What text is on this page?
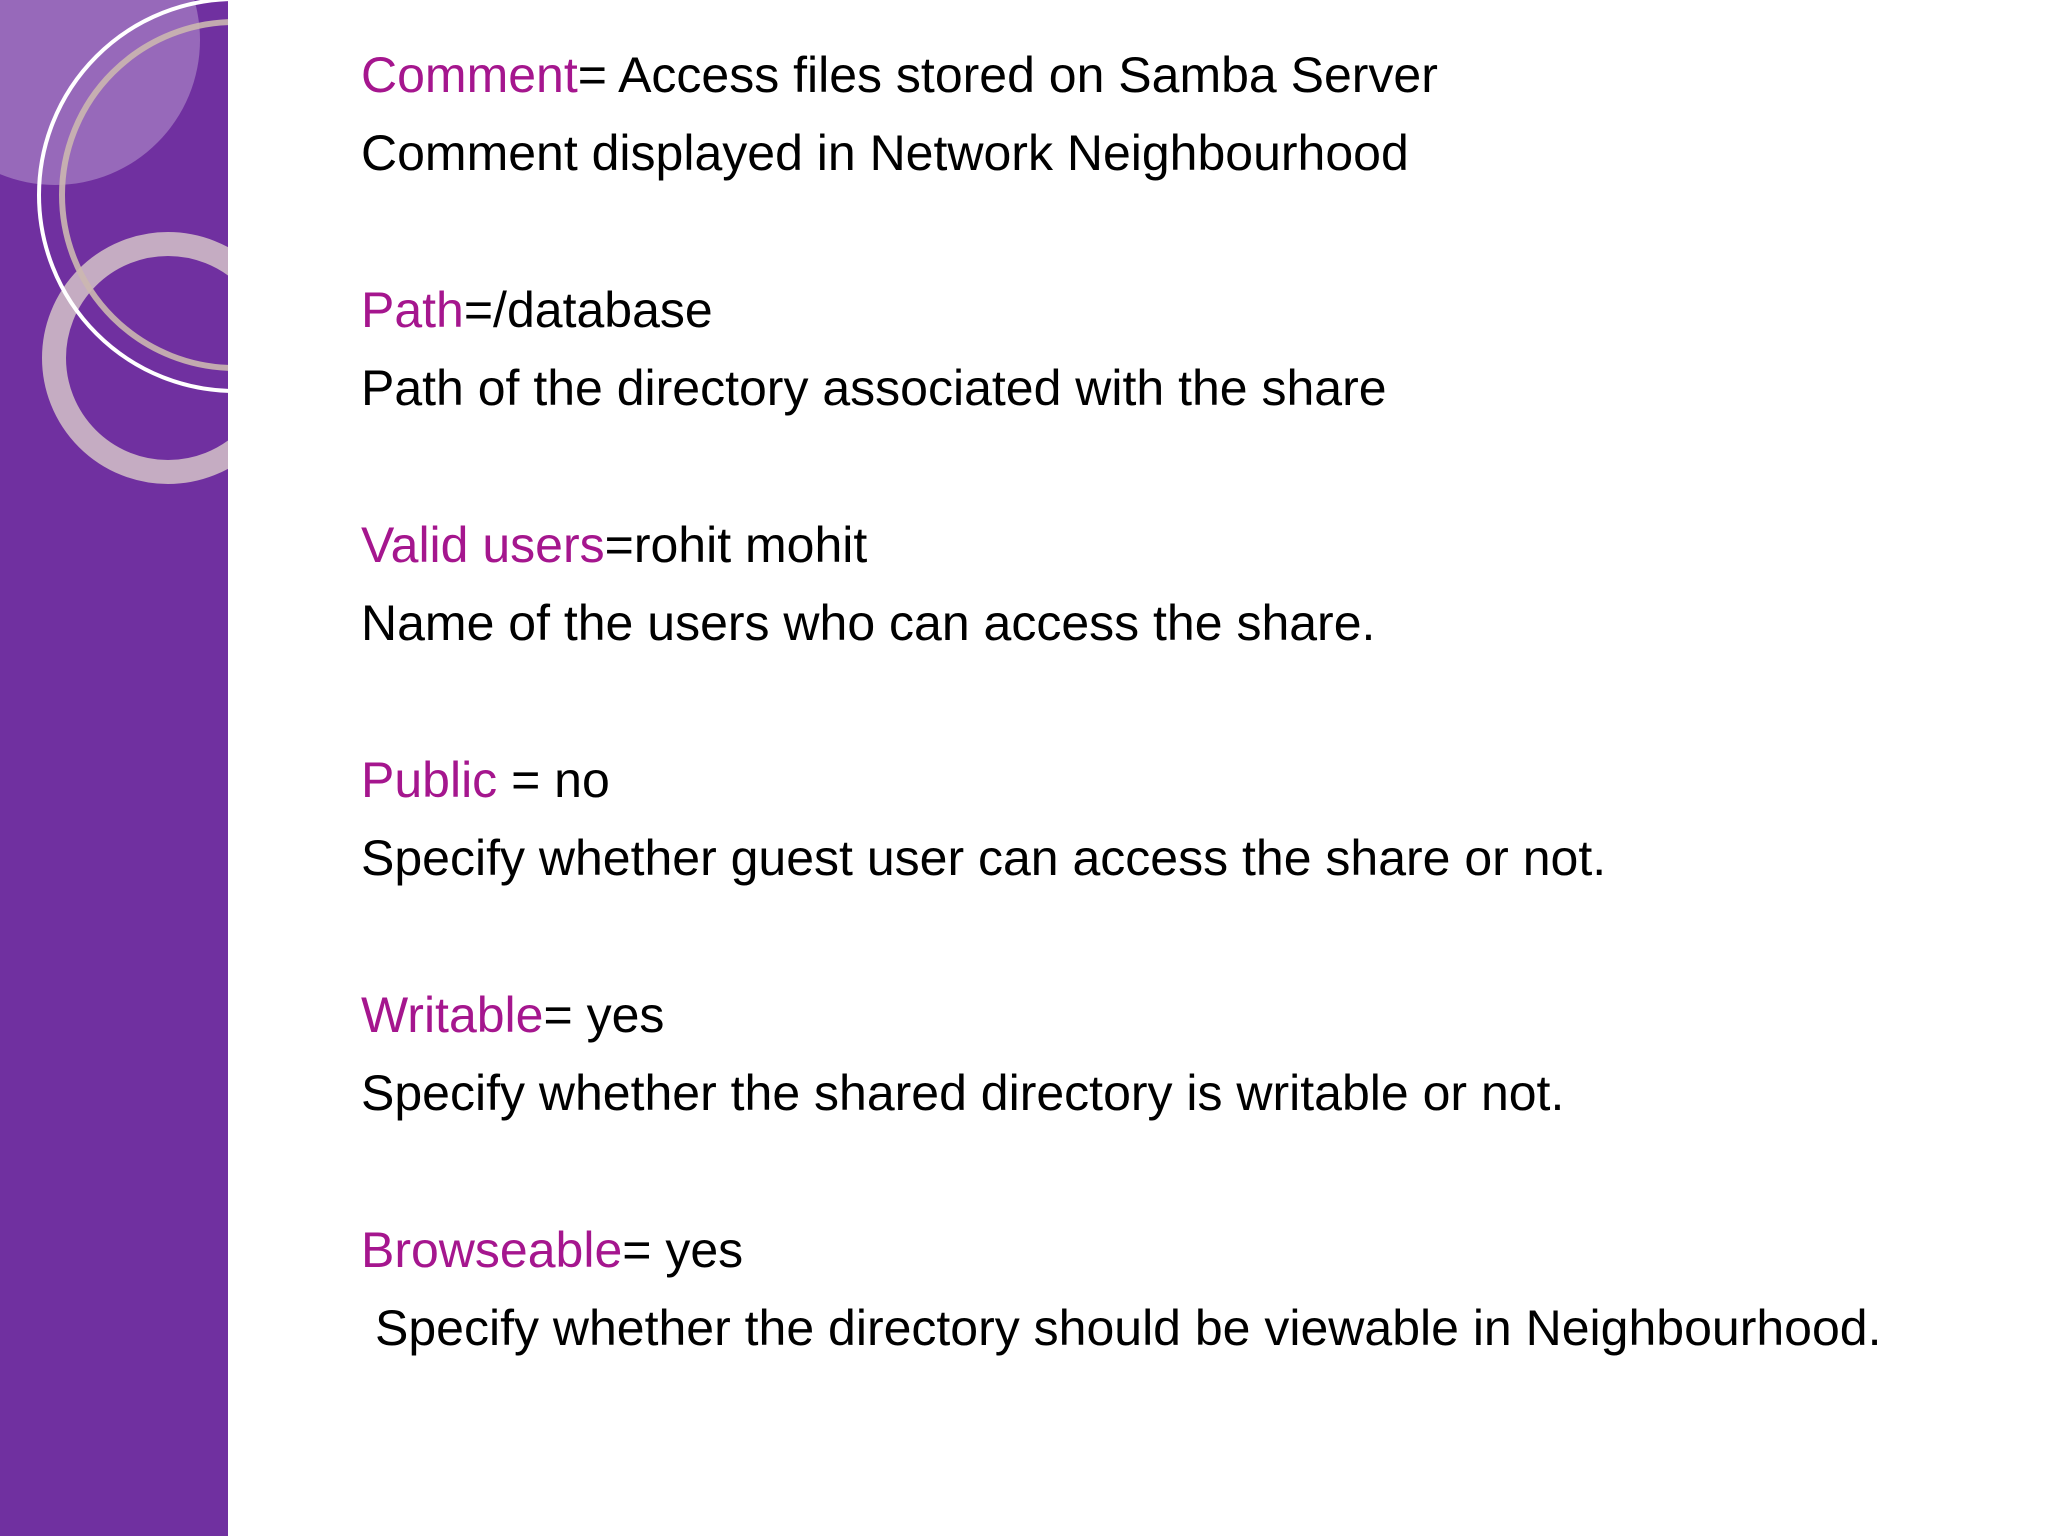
Comment= Access files stored on Samba Server
Comment displayed in Network Neighbourhood
Path=/database
Path of the directory associated with the share
Valid users=rohit mohit
Name of the users who can access the share.
Public = no
Specify whether guest user can access the share or not.
Writable= yes
Specify whether the shared directory is writable or not.
Browseable= yes
Specify whether the directory should be viewable in Neighbourhood.
